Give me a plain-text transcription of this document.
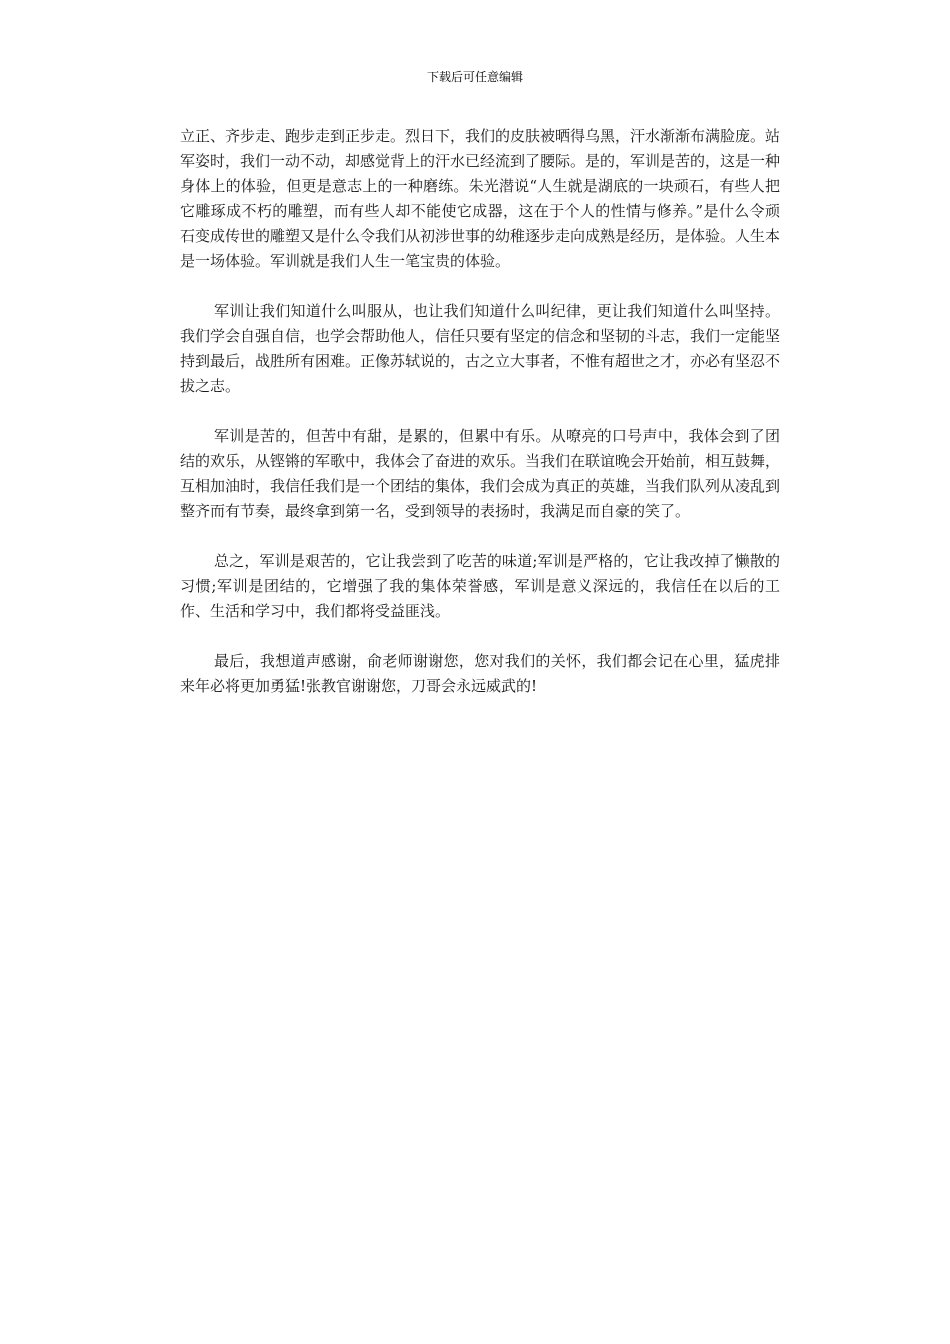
下载后可任意编辑

立正、齐步走、跑步走到正步走。烈日下，我们的皮肤被晒得乌黑，汗水渐渐布满脸庞。站军姿时，我们一动不动，却感觉背上的汗水已经流到了腰际。是的，军训是苦的，这是一种身体上的体验，但更是意志上的一种磨练。朱光潜说“人生就是湖底的一块顽石，有些人把它雕琢成不朽的雕塑，而有些人却不能使它成器，这在于个人的性情与修养。”是什么令顽石变成传世的雕塑又是什么令我们从初涉世事的幼稚逐步走向成熟是经历，是体验。人生本是一场体验。军训就是我们人生一笔宝贵的体验。

军训让我们知道什么叫服从，也让我们知道什么叫纪律，更让我们知道什么叫坚持。我们学会自强自信，也学会帮助他人，信任只要有坚定的信念和坚韧的斗志，我们一定能坚持到最后，战胜所有困难。正像苏轼说的，古之立大事者，不惟有超世之才，亦必有坚忍不拔之志。

军训是苦的，但苦中有甜，是累的，但累中有乐。从嘹亮的口号声中，我体会到了团结的欢乐，从铿锵的军歌中，我体会了奋进的欢乐。当我们在联谊晚会开始前，相互鼓舞，互相加油时，我信任我们是一个团结的集体，我们会成为真正的英雄，当我们队列从凌乱到整齐而有节奏，最终拿到第一名，受到领导的表扬时，我满足而自豪的笑了。

总之，军训是艰苦的，它让我尝到了吃苦的味道;军训是严格的，它让我改掉了懒散的习惯;军训是团结的，它增强了我的集体荣誉感，军训是意义深远的，我信任在以后的工作、生活和学习中，我们都将受益匪浅。

最后，我想道声感谢，俞老师谢谢您，您对我们的关怀，我们都会记在心里，猛虎排来年必将更加勇猛!张教官谢谢您，刀哥会永远威武的!
